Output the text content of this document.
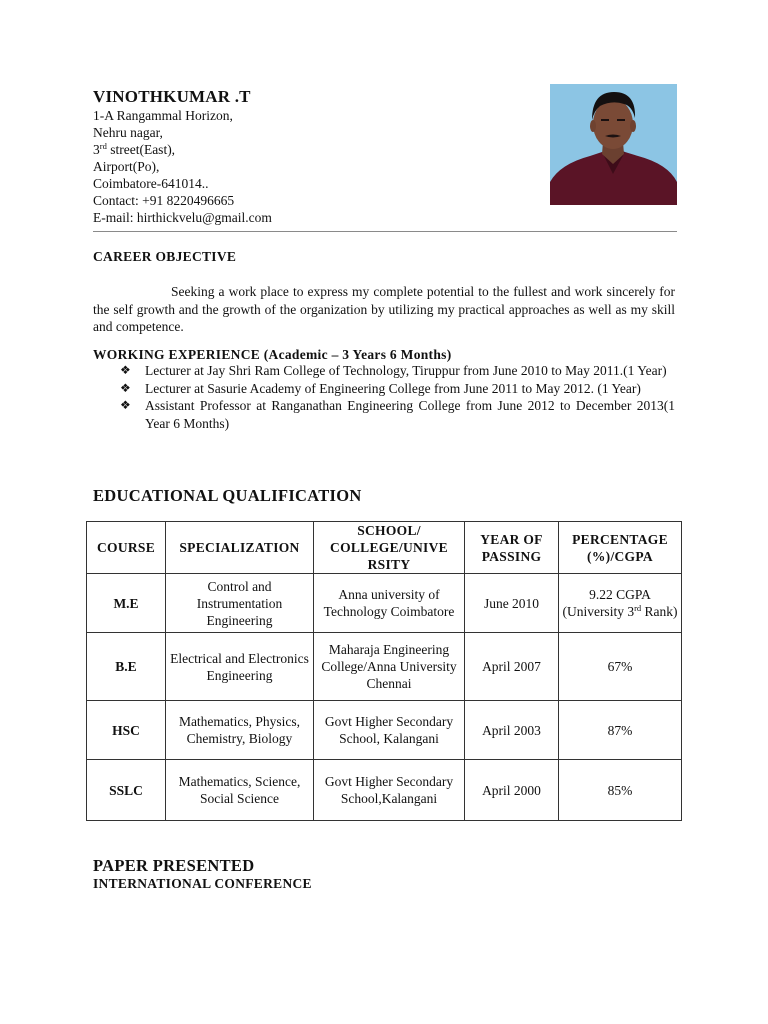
VINOTHKUMAR .T
1-A Rangammal Horizon,
Nehru nagar,
3rd street(East),
Airport(Po),
Coimbatore-641014..
Contact: +91 8220496665
E-mail: hirthickvelu@gmail.com
CAREER OBJECTIVE
Seeking a work place to express my complete potential to the fullest and work sincerely for the self growth and the growth of the organization by utilizing my practical approaches as well as my skill and competence.
WORKING EXPERIENCE (Academic – 3 Years 6 Months)
❖ Lecturer at Jay Shri Ram College of Technology, Tiruppur from June 2010 to May 2011.(1 Year)
❖ Lecturer at Sasurie Academy of Engineering College from June 2011 to May 2012. (1 Year)
❖ Assistant Professor at Ranganathan Engineering College from June 2012 to December 2013(1 Year 6 Months)
EDUCATIONAL QUALIFICATION
COURSE	SPECIALIZATION	SCHOOL/ COLLEGE/UNIVE RSITY	YEAR OF PASSING	PERCENTAGE (%)/CGPA
M.E	Control and Instrumentation Engineering	Anna university of Technology Coimbatore	June 2010	9.22 CGPA (University 3rd Rank)
B.E	Electrical and Electronics Engineering	Maharaja Engineering College/Anna University Chennai	April 2007	67%
HSC	Mathematics, Physics, Chemistry, Biology	Govt Higher Secondary School, Kalangani	April 2003	87%
SSLC	Mathematics, Science, Social Science	Govt Higher Secondary School,Kalangani	April 2000	85%
PAPER PRESENTED
INTERNATIONAL CONFERENCE
